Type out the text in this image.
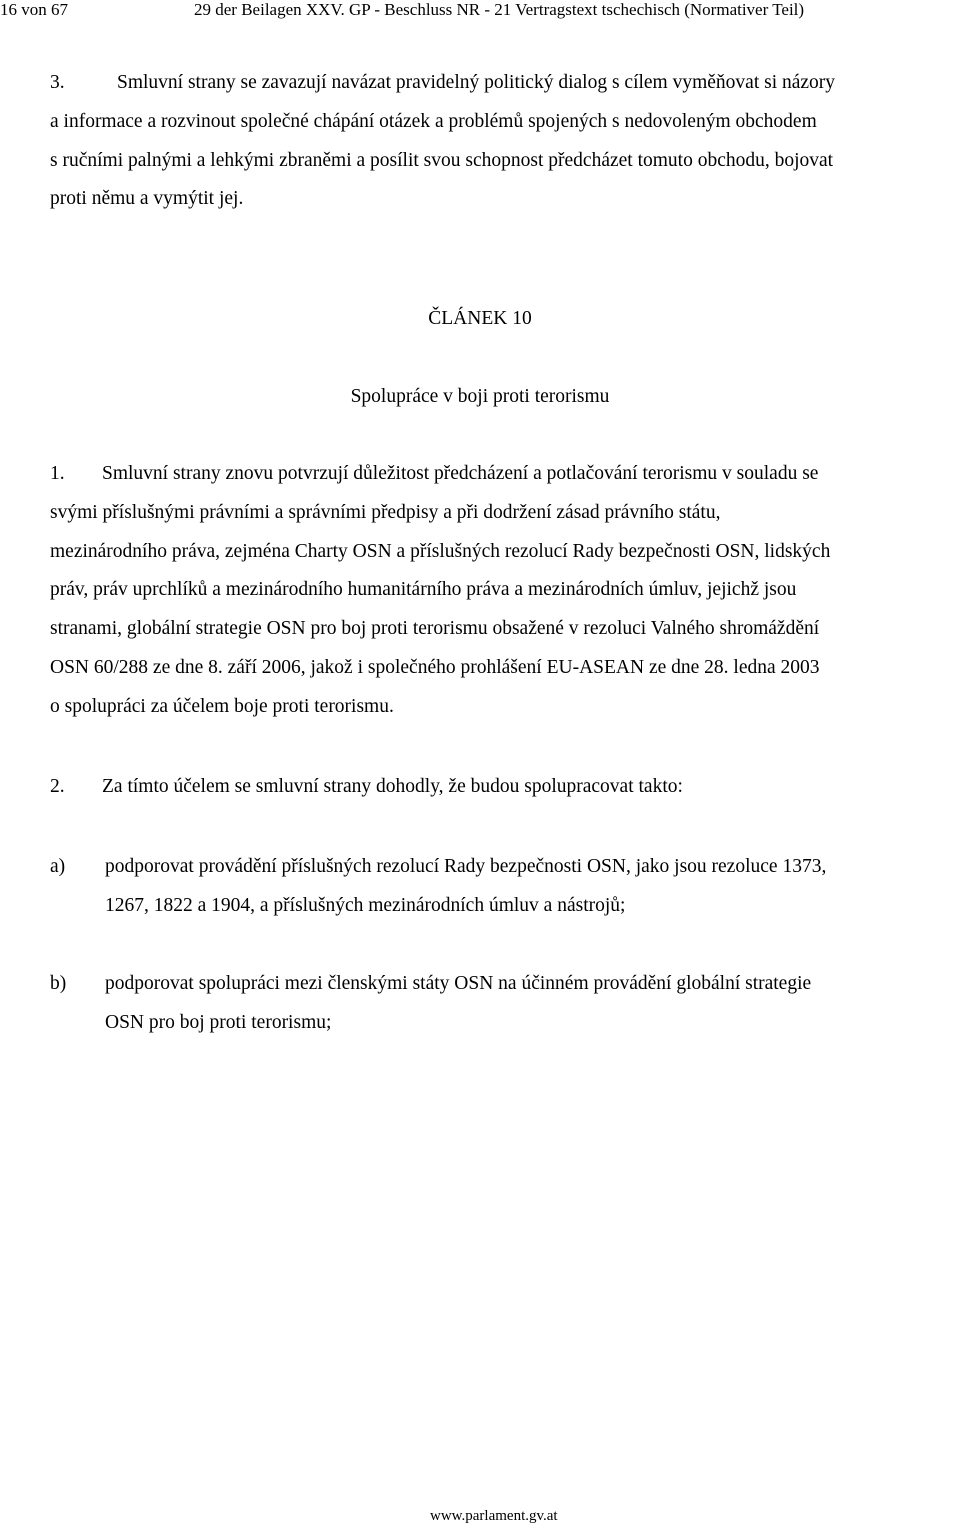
16 von 67	29 der Beilagen XXV. GP - Beschluss NR - 21 Vertragstext tschechisch (Normativer Teil)
3.	Smluvní strany se zavazují navázat pravidelný politický dialog s cílem vyměňovat si názory
a informace a rozvinout společné chápání otázek a problémů spojených s nedovoleným obchodem
s ručními palnými a lehkými zbraněmi a posílit svou schopnost předcházet tomuto obchodu, bojovat
proti němu a vymýtit jej.
ČLÁNEK 10
Spolupráce v boji proti terorismu
1. Smluvní strany znovu potvrzují důležitost předcházení a potlačování terorismu v souladu se
svými příslušnými právními a správními předpisy a při dodržení zásad právního státu,
mezinárodního práva, zejména Charty OSN a příslušných rezolucí Rady bezpečnosti OSN, lidských
práv, práv uprchlíků a mezinárodního humanitárního práva a mezinárodních úmluv, jejichž jsou
stranami, globální strategie OSN pro boj proti terorismu obsažené v rezoluci Valného shromáždění
OSN 60/288 ze dne 8. září 2006, jakož i společného prohlášení EU-ASEAN ze dne 28. ledna 2003
o spolupráci za účelem boje proti terorismu.
2. Za tímto účelem se smluvní strany dohodly, že budou spolupracovat takto:
a) podporovat provádění příslušných rezolucí Rady bezpečnosti OSN, jako jsou rezoluce 1373,
1267, 1822 a 1904, a příslušných mezinárodních úmluv a nástrojů;
b) podporovat spolupráci mezi členskými státy OSN na účinném provádění globální strategie
OSN pro boj proti terorismu;
www.parlament.gv.at
